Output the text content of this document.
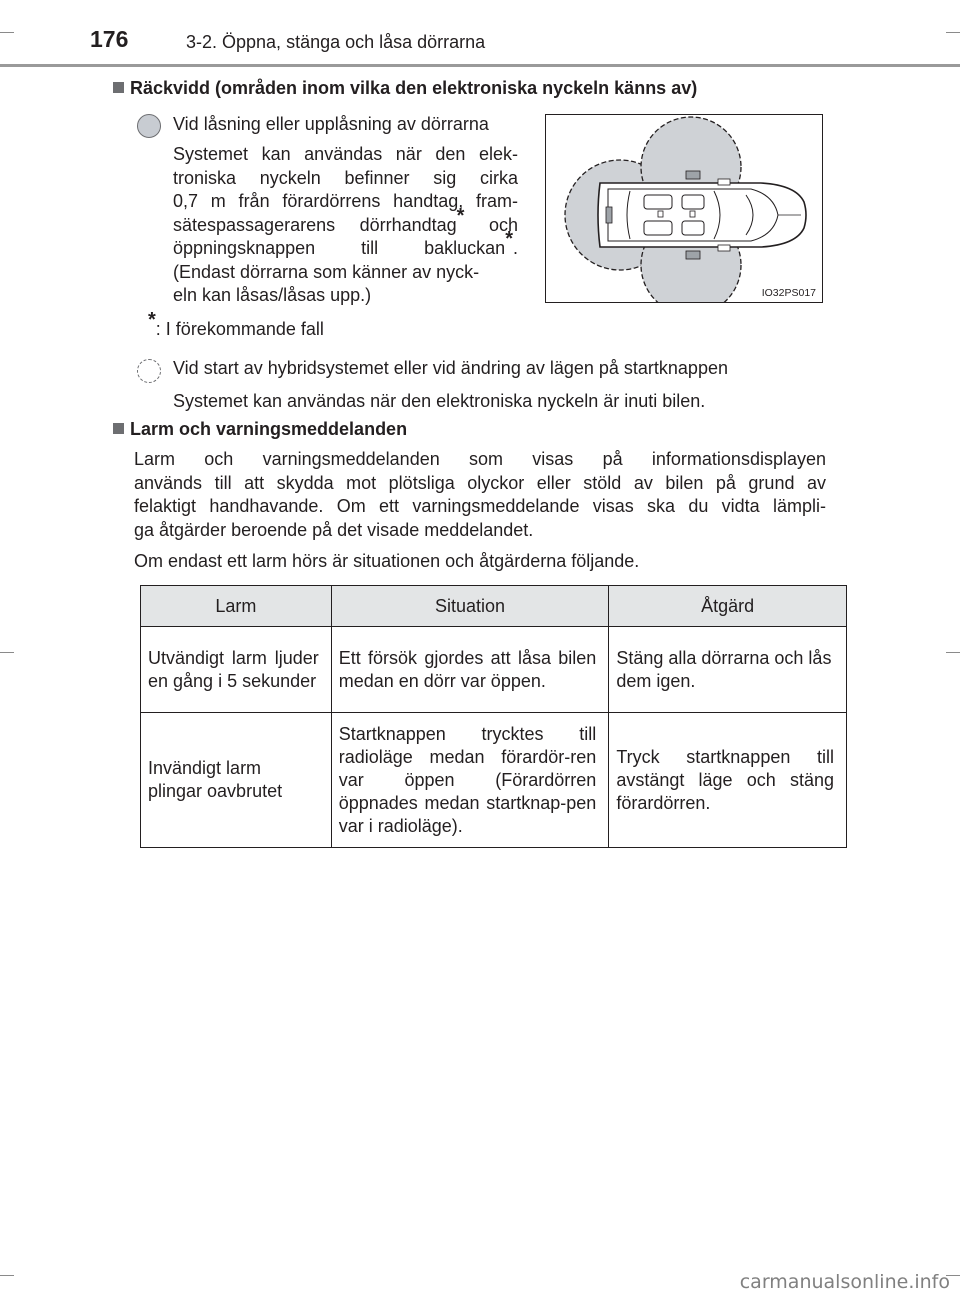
176	3-2. Öppna, stänga och låsa dörrarna
Räckvidd (områden inom vilka den elektroniska nyckeln känns av)
Vid låsning eller upplåsning av dörrarna
Systemet kan användas när den elek-
troniska nyckeln befinner sig cirka
0,7 m från förardörrens handtag, fram-
sätespassagerarens dörrhandtag* och
öppningsknappen till bakluckan*.
(Endast dörrarna som känner av nyck-
eln kan låsas/låsas upp.)	IO32PS017
*: I förekommande fall
Vid start av hybridsystemet eller vid ändring av lägen på startknappen
Systemet kan användas när den elektroniska nyckeln är inuti bilen.
Larm och varningsmeddelanden
Larm och varningsmeddelanden som visas på informationsdisplayen
används till att skydda mot plötsliga olyckor eller stöld av bilen på grund av
felaktigt handhavande. Om ett varningsmeddelande visas ska du vidta lämpli-
ga åtgärder beroende på det visade meddelandet.
Om endast ett larm hörs är situationen och åtgärderna följande.
Larm	Situation	Åtgärd
Utvändigt larm ljuder en gång i 5 sekunder	Ett försök gjordes att låsa bilen medan en dörr var öppen.	Stäng alla dörrarna och lås dem igen.
Invändigt larm plingar oavbrutet	Startknappen trycktes till radioläge medan förardör-ren var öppen (Förardörren öppnades medan startknap-pen var i radioläge).	Tryck startknappen till avstängt läge och stäng förardörren.
carmanualsonline.info
